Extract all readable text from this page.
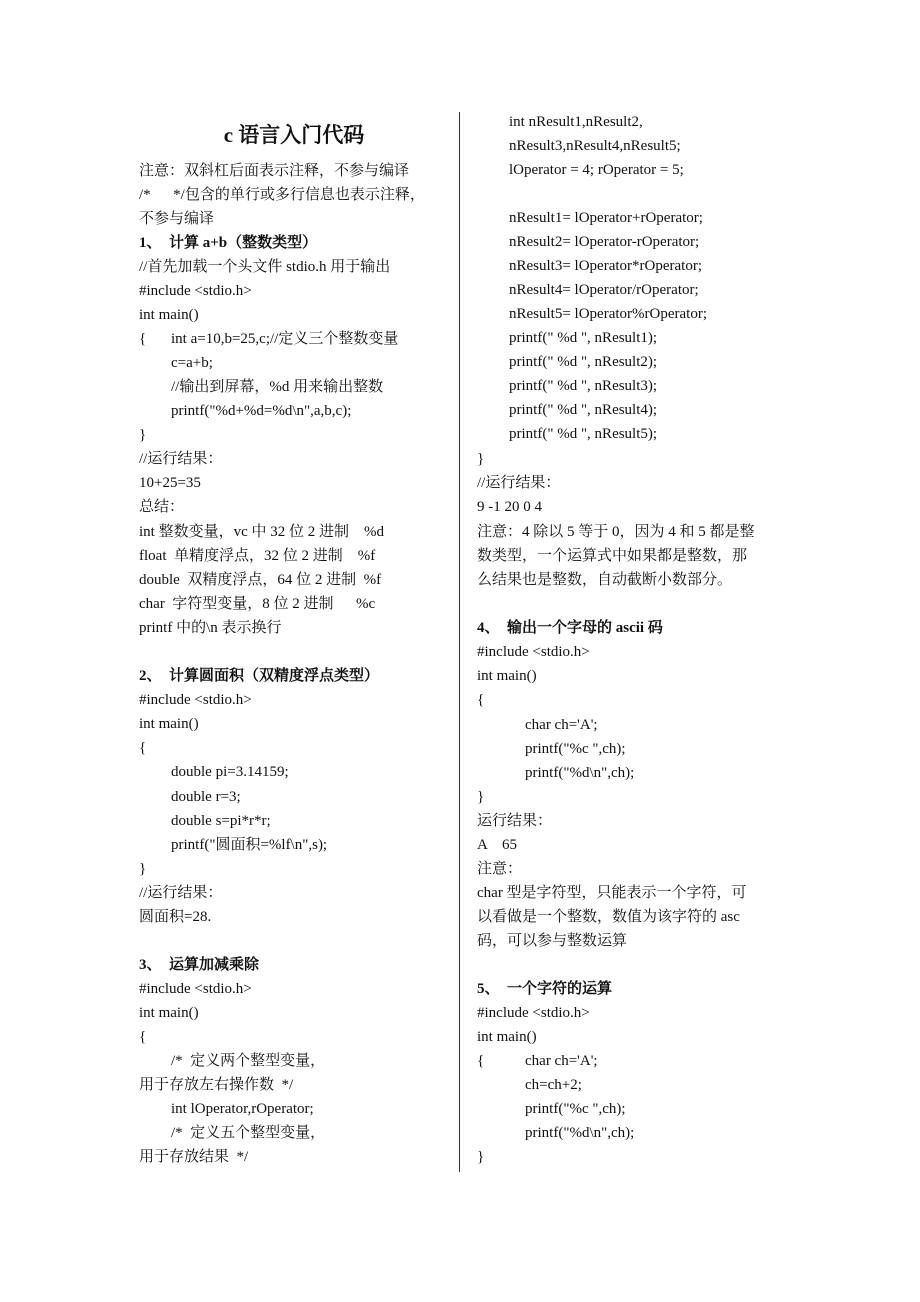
c 语言入门代码
注意：双斜杠后面表示注释，不参与编译
/*      */包含的单行或多行信息也表示注释，
不参与编译
1、  计算 a+b（整数类型）
//首先加载一个头文件 stdio.h 用于输出
#include <stdio.h>
int main()
{ int a=10,b=25,c;//定义三个整数变量
c=a+b;
//输出到屏幕，%d 用来输出整数
printf("%d+%d=%d\n",a,b,c);
}
//运行结果：
10+25=35
总结：
int 整数变量，vc 中 32 位 2 进制    %d
float  单精度浮点，32 位 2 进制    %f
double  双精度浮点，64 位 2 进制  %f
char  字符型变量，8 位 2 进制      %c
printf 中的\n 表示换行
2、  计算圆面积（双精度浮点类型）
#include <stdio.h>
int main()
{
double pi=3.14159;
double r=3;
double s=pi*r*r;
printf("圆面积=%lf\n",s);
}
//运行结果：
圆面积=28.
3、  运算加减乘除
#include <stdio.h>
int main()
{
/*  定义两个整型变量，
用于存放左右操作数  */
int lOperator,rOperator;
/*  定义五个整型变量，
用于存放结果  */
int nResult1,nResult2,
nResult3,nResult4,nResult5;
lOperator = 4; rOperator = 5;
nResult1= lOperator+rOperator;
nResult2= lOperator-rOperator;
nResult3= lOperator*rOperator;
nResult4= lOperator/rOperator;
nResult5= lOperator%rOperator;
printf(" %d ", nResult1);
printf(" %d ", nResult2);
printf(" %d ", nResult3);
printf(" %d ", nResult4);
printf(" %d ", nResult5);
}
//运行结果：
9 -1 20 0 4
注意：4 除以 5 等于 0，因为 4 和 5 都是整
数类型，一个运算式中如果都是整数，那
么结果也是整数，自动截断小数部分。
4、  输出一个字母的 ascii 码
#include <stdio.h>
int main()
{
char ch='A';
printf("%c ",ch);
printf("%d\n",ch);
}
运行结果：
A    65
注意：
char 型是字符型，只能表示一个字符，可
以看做是一个整数，数值为该字符的 asc
码，可以参与整数运算
5、  一个字符的运算
#include <stdio.h>
int main()
{	char ch='A';
ch=ch+2;
printf("%c ",ch);
printf("%d\n",ch);
}
